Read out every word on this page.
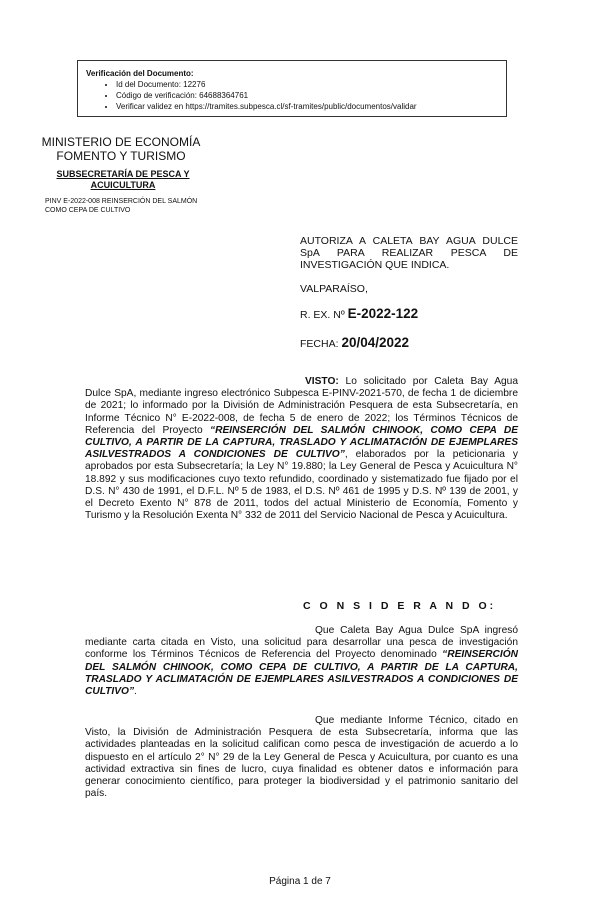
Verificación del Documento:
• Id del Documento: 12276
• Código de verificación: 64688364761
• Verificar validez en https://tramites.subpesca.cl/sf-tramites/public/documentos/validar
MINISTERIO DE ECONOMÍA
FOMENTO Y TURISMO
SUBSECRETARÍA DE PESCA Y ACUICULTURA
PINV E-2022-008 REINSERCIÓN DEL SALMÓN COMO CEPA DE CULTIVO
AUTORIZA A CALETA BAY AGUA DULCE SpA PARA REALIZAR PESCA DE INVESTIGACIÓN QUE INDICA.
VALPARAÍSO,
R. EX. Nº E-2022-122
FECHA: 20/04/2022
VISTO: Lo solicitado por Caleta Bay Agua Dulce SpA, mediante ingreso electrónico Subpesca E-PINV-2021-570, de fecha 1 de diciembre de 2021; lo informado por la División de Administración Pesquera de esta Subsecretaría, en Informe Técnico N° E-2022-008, de fecha 5 de enero de 2022; los Términos Técnicos de Referencia del Proyecto “REINSERCIÓN DEL SALMÓN CHINOOK, COMO CEPA DE CULTIVO, A PARTIR DE LA CAPTURA, TRASLADO Y ACLIMATACIÓN DE EJEMPLARES ASILVESTRADOS A CONDICIONES DE CULTIVO”, elaborados por la peticionaria y aprobados por esta Subsecretaría; la Ley N° 19.880; la Ley General de Pesca y Acuicultura N° 18.892 y sus modificaciones cuyo texto refundido, coordinado y sistematizado fue fijado por el D.S. N° 430 de 1991, el D.F.L. Nº 5 de 1983, el D.S. Nº 461 de 1995 y D.S. Nº 139 de 2001, y el Decreto Exento N° 878 de 2011, todos del actual Ministerio de Economía, Fomento y Turismo y la Resolución Exenta N° 332 de 2011 del Servicio Nacional de Pesca y Acuicultura.
C O N S I D E R A N D O:
Que Caleta Bay Agua Dulce SpA ingresó mediante carta citada en Visto, una solicitud para desarrollar una pesca de investigación conforme los Términos Técnicos de Referencia del Proyecto denominado “REINSERCIÓN DEL SALMÓN CHINOOK, COMO CEPA DE CULTIVO, A PARTIR DE LA CAPTURA, TRASLADO Y ACLIMATACIÓN DE EJEMPLARES ASILVESTRADOS A CONDICIONES DE CULTIVO”.
Que mediante Informe Técnico, citado en Visto, la División de Administración Pesquera de esta Subsecretaría, informa que las actividades planteadas en la solicitud califican como pesca de investigación de acuerdo a lo dispuesto en el artículo 2° N° 29 de la Ley General de Pesca y Acuicultura, por cuanto es una actividad extractiva sin fines de lucro, cuya finalidad es obtener datos e información para generar conocimiento científico, para proteger la biodiversidad y el patrimonio sanitario del país.
Página 1 de 7
